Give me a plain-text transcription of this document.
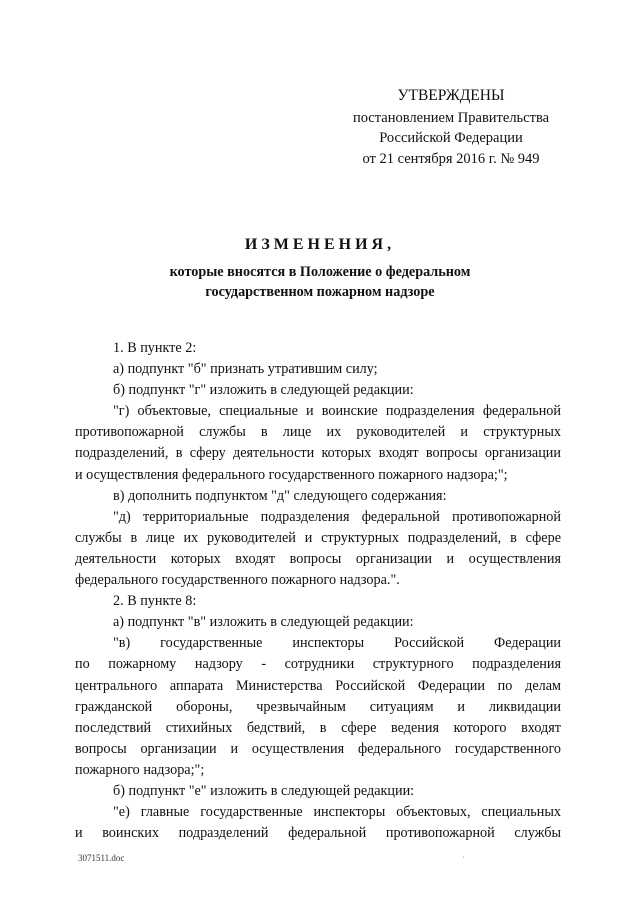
УТВЕРЖДЕНЫ
постановлением Правительства
Российской Федерации
от 21 сентября 2016 г. № 949
ИЗМЕНЕНИЯ,
которые вносятся в Положение о федеральном
государственном пожарном надзоре

1. В пункте 2:

а) подпункт "б" признать утратившим силу;

б) подпункт "г" изложить в следующей редакции:

"г) объектовые, специальные и воинские подразделения федеральной

противопожарной службы в лице их руководителей и структурных

подразделений, в сферу деятельности которых входят вопросы организации

и осуществления федерального государственного пожарного надзора;";

в) дополнить подпунктом "д" следующего содержания:

"д) территориальные подразделения федеральной противопожарной

службы в лице их руководителей и структурных подразделений, в сфере

деятельности которых входят вопросы организации и осуществления

федерального государственного пожарного надзора.".

2. В пункте 8:

а) подпункт "в" изложить в следующей редакции:

"в) государственные инспекторы Российской Федерации

по пожарному надзору - сотрудники структурного подразделения

центрального аппарата Министерства Российской Федерации по делам

гражданской обороны, чрезвычайным ситуациям и ликвидации

последствий стихийных бедствий, в сфере ведения которого входят

вопросы организации и осуществления федерального государственного

пожарного надзора;";

б) подпункт "е" изложить в следующей редакции:

"е) главные государственные инспекторы объектовых, специальных

и воинских подразделений федеральной противопожарной службы

3071511.doc	·
